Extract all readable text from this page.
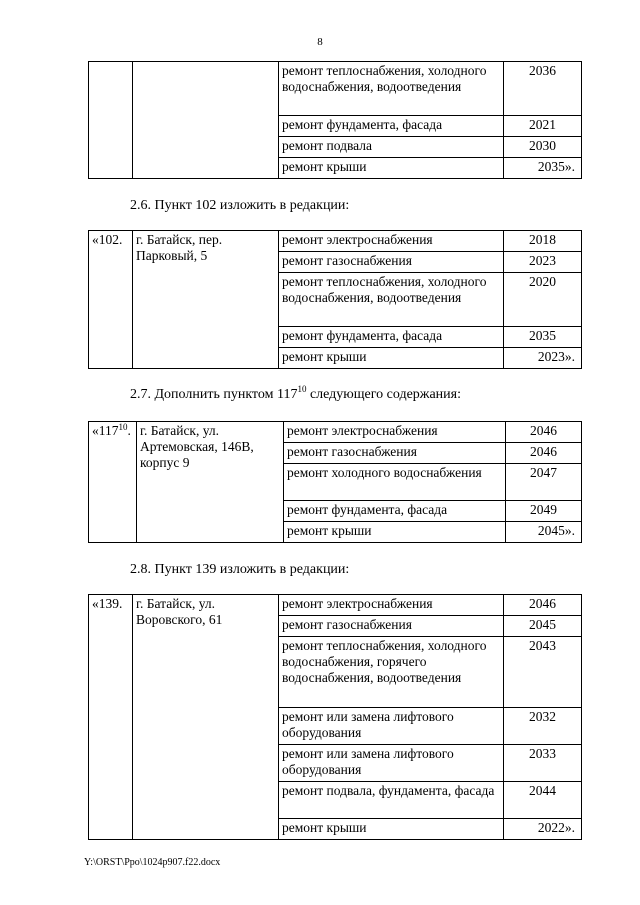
8
		ремонт теплоснабжения, холодного водоснабжения, водоотведения	2036
		ремонт фундамента, фасада	2021
		ремонт подвала	2030
		ремонт крыши	2035».
2.6. Пункт 102 изложить в редакции:
«102.	г. Батайск, пер. Парковый, 5	ремонт электроснабжения	2018
		ремонт газоснабжения	2023
		ремонт теплоснабжения, холодного водоснабжения, водоотведения	2020
		ремонт фундамента, фасада	2035
		ремонт крыши	2023».
2.7. Дополнить пунктом $117^{10}$ следующего содержания:
«$117^{10}$.	г. Батайск, ул. Артемовская, 146В, корпус 9	ремонт электроснабжения	2046
		ремонт газоснабжения	2046
		ремонт холодного водоснабжения	2047
		ремонт фундамента, фасада	2049
		ремонт крыши	2045».
2.8. Пункт 139 изложить в редакции:
«139.	г. Батайск, ул. Воровского, 61	ремонт электроснабжения	2046
		ремонт газоснабжения	2045
		ремонт теплоснабжения, холодного водоснабжения, горячего водоснабжения, водоотведения	2043
		ремонт или замена лифтового оборудования	2032
		ремонт или замена лифтового оборудования	2033
		ремонт подвала, фундамента, фасада	2044
		ремонт крыши	2022».
Y:\ORST\Ppo\1024p907.f22.docx
